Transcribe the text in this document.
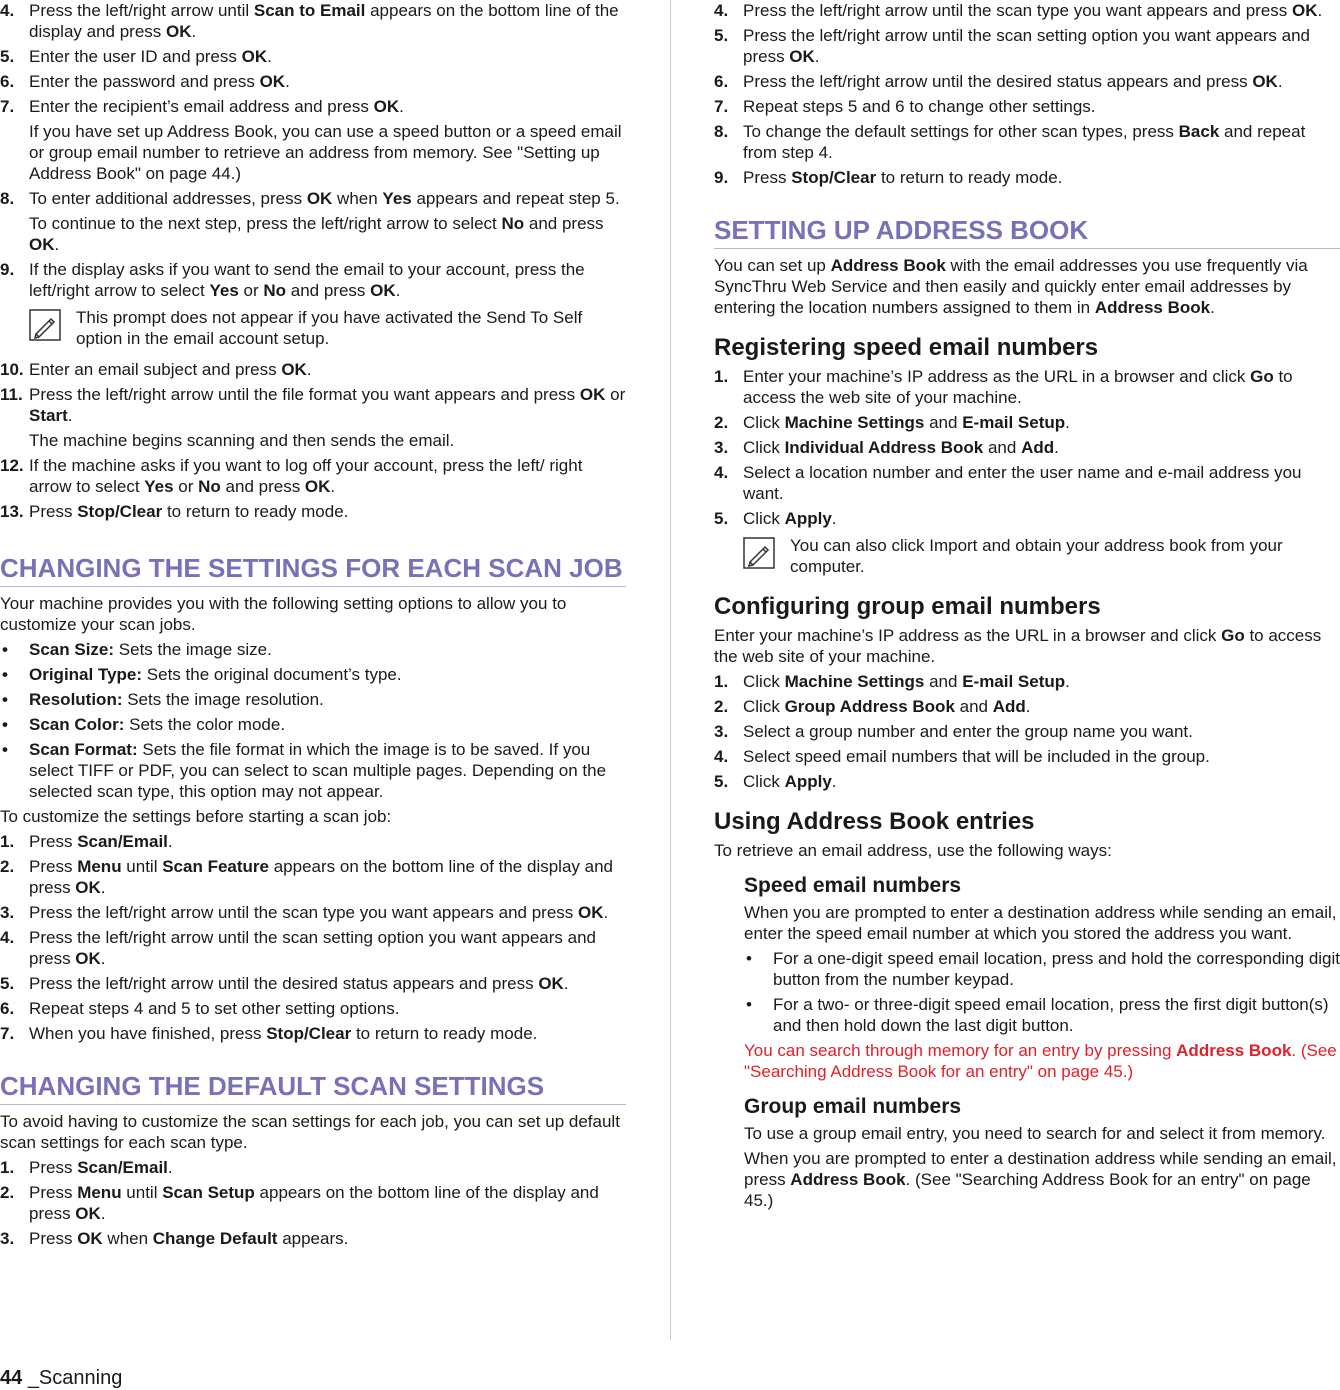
4. Press the left/right arrow until Scan to Email appears on the bottom line of the display and press OK.
5. Enter the user ID and press OK.
6. Enter the password and press OK.
7. Enter the recipient’s email address and press OK.
If you have set up Address Book, you can use a speed button or a speed email or group email number to retrieve an address from memory. See "Setting up Address Book" on page 44.)
8. To enter additional addresses, press OK when Yes appears and repeat step 5.
To continue to the next step, press the left/right arrow to select No and press OK.
9. If the display asks if you want to send the email to your account, press the left/right arrow to select Yes or No and press OK.
This prompt does not appear if you have activated the Send To Self option in the email account setup.
10. Enter an email subject and press OK.
11. Press the left/right arrow until the file format you want appears and press OK or Start.
The machine begins scanning and then sends the email.
12. If the machine asks if you want to log off your account, press the left/ right arrow to select Yes or No and press OK.
13. Press Stop/Clear to return to ready mode.
CHANGING THE SETTINGS FOR EACH SCAN JOB
Your machine provides you with the following setting options to allow you to customize your scan jobs.
• Scan Size: Sets the image size.
• Original Type: Sets the original document’s type.
• Resolution: Sets the image resolution.
• Scan Color: Sets the color mode.
• Scan Format: Sets the file format in which the image is to be saved. If you select TIFF or PDF, you can select to scan multiple pages. Depending on the selected scan type, this option may not appear.
To customize the settings before starting a scan job:
1. Press Scan/Email.
2. Press Menu until Scan Feature appears on the bottom line of the display and press OK.
3. Press the left/right arrow until the scan type you want appears and press OK.
4. Press the left/right arrow until the scan setting option you want appears and press OK.
5. Press the left/right arrow until the desired status appears and press OK.
6. Repeat steps 4 and 5 to set other setting options.
7. When you have finished, press Stop/Clear to return to ready mode.
CHANGING THE DEFAULT SCAN SETTINGS
To avoid having to customize the scan settings for each job, you can set up default scan settings for each scan type.
1. Press Scan/Email.
2. Press Menu until Scan Setup appears on the bottom line of the display and press OK.
3. Press OK when Change Default appears.
4. Press the left/right arrow until the scan type you want appears and press OK.
5. Press the left/right arrow until the scan setting option you want appears and press OK.
6. Press the left/right arrow until the desired status appears and press OK.
7. Repeat steps 5 and 6 to change other settings.
8. To change the default settings for other scan types, press Back and repeat from step 4.
9. Press Stop/Clear to return to ready mode.
SETTING UP ADDRESS BOOK
You can set up Address Book with the email addresses you use frequently via SyncThru Web Service and then easily and quickly enter email addresses by entering the location numbers assigned to them in Address Book.
Registering speed email numbers
1. Enter your machine’s IP address as the URL in a browser and click Go to access the web site of your machine.
2. Click Machine Settings and E-mail Setup.
3. Click Individual Address Book and Add.
4. Select a location number and enter the user name and e-mail address you want.
5. Click Apply.
You can also click Import and obtain your address book from your computer.
Configuring group email numbers
Enter your machine’s IP address as the URL in a browser and click Go to access the web site of your machine.
1. Click Machine Settings and E-mail Setup.
2. Click Group Address Book and Add.
3. Select a group number and enter the group name you want.
4. Select speed email numbers that will be included in the group.
5. Click Apply.
Using Address Book entries
To retrieve an email address, use the following ways:
Speed email numbers
When you are prompted to enter a destination address while sending an email, enter the speed email number at which you stored the address you want.
• For a one-digit speed email location, press and hold the corresponding digit button from the number keypad.
• For a two- or three-digit speed email location, press the first digit button(s) and then hold down the last digit button.
You can search through memory for an entry by pressing Address Book. (See "Searching Address Book for an entry" on page 45.)
Group email numbers
To use a group email entry, you need to search for and select it from memory.
When you are prompted to enter a destination address while sending an email, press Address Book. (See "Searching Address Book for an entry" on page 45.)
44 _Scanning
